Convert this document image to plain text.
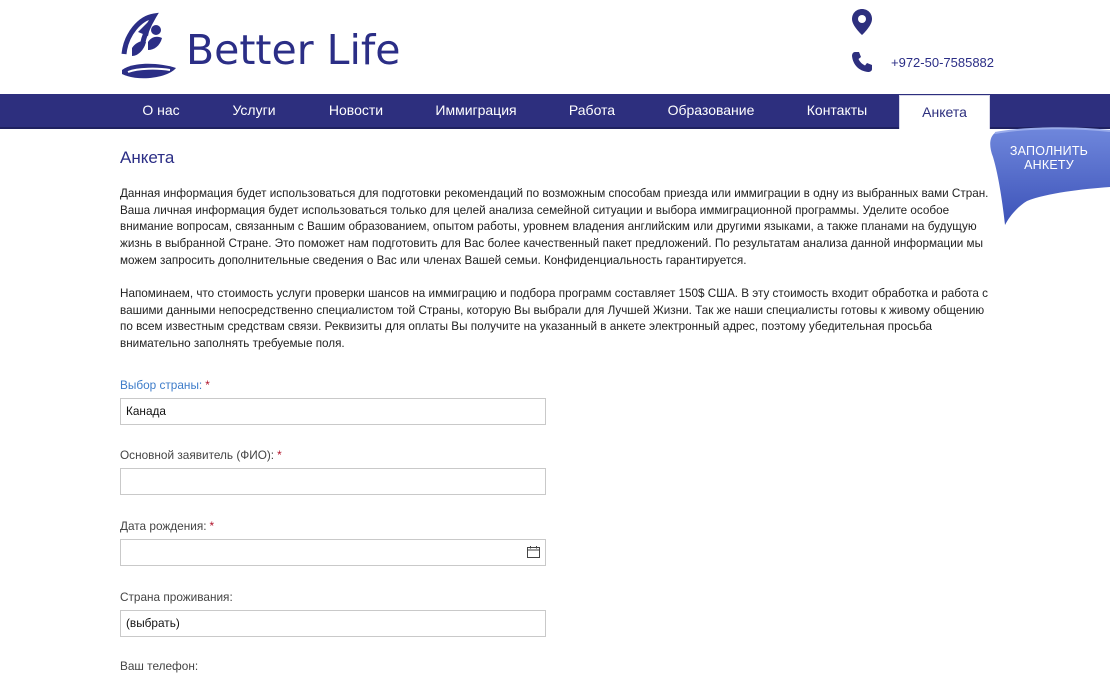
Better Life	+972-50-7585882
О нас	Услуги	Новости	Иммиграция	Работа	Образование	Контакты	Анкета
ЗАПОЛНИТЬ АНКЕТУ
Анкета
Данная информация будет использоваться для подготовки рекомендаций по возможным способам приезда или иммиграции в одну из выбранных вами Стран. Ваша личная информация будет использоваться только для целей анализа семейной ситуации и выбора иммиграционной программы. Уделите особое внимание вопросам, связанным с Вашим образованием, опытом работы, уровнем владения английским или другими языками, а также планами на будущую жизнь в выбранной Стране. Это поможет нам подготовить для Вас более качественный пакет предложений. По результатам анализа данной информации мы можем запросить дополнительные сведения о Вас или членах Вашей семьи. Конфиденциальность гарантируется.
Напоминаем, что стоимость услуги проверки шансов на иммиграцию и подбора программ составляет 150$ США. В эту стоимость входит обработка и работа с вашими данными непосредственно специалистом той Страны, которую Вы выбрали для Лучшей Жизни. Так же наши специалисты готовы к живому общению по всем известным средствам связи. Реквизиты для оплаты Вы получите на указанный в анкете электронный адрес, поэтому убедительная просьба внимательно заполнять требуемые поля.
Выбор страны: *
Канада
Основной заявитель (ФИО): *
Дата рождения: *
Страна проживания:
(выбрать)
Ваш телефон:
